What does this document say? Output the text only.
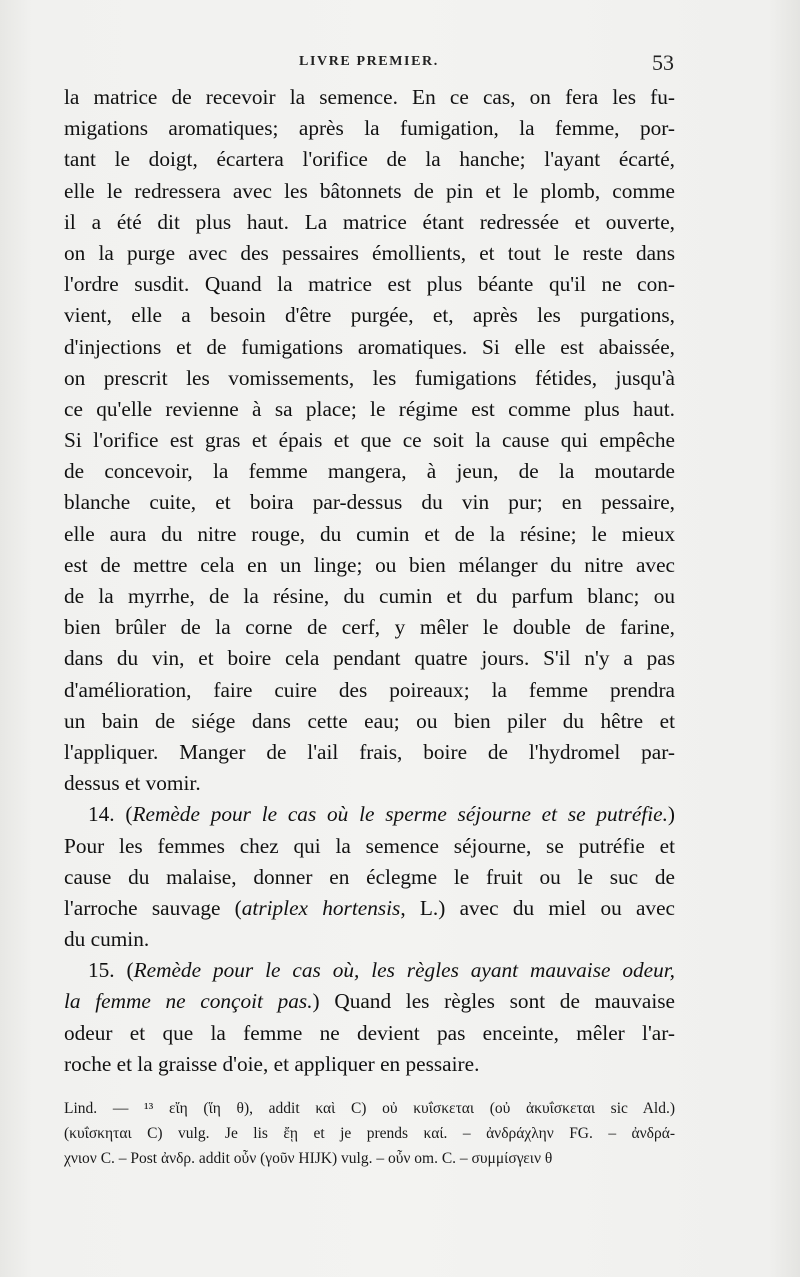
LIVRE PREMIER.	53
la matrice de recevoir la semence. En ce cas, on fera les fu-
migations aromatiques; après la fumigation, la femme, por-
tant le doigt, écartera l'orifice de la hanche; l'ayant écarté,
elle le redressera avec les bâtonnets de pin et le plomb, comme
il a été dit plus haut. La matrice étant redressée et ouverte,
on la purge avec des pessaires émollients, et tout le reste dans
l'ordre susdit. Quand la matrice est plus béante qu'il ne con-
vient, elle a besoin d'être purgée, et, après les purgations,
d'injections et de fumigations aromatiques. Si elle est abaissée,
on prescrit les vomissements, les fumigations fétides, jusqu'à
ce qu'elle revienne à sa place; le régime est comme plus haut.
Si l'orifice est gras et épais et que ce soit la cause qui empêche
de concevoir, la femme mangera, à jeun, de la moutarde
blanche cuite, et boira par-dessus du vin pur; en pessaire,
elle aura du nitre rouge, du cumin et de la résine; le mieux
est de mettre cela en un linge; ou bien mélanger du nitre avec
de la myrrhe, de la résine, du cumin et du parfum blanc; ou
bien brûler de la corne de cerf, y mêler le double de farine,
dans du vin, et boire cela pendant quatre jours. S'il n'y a pas
d'amélioration, faire cuire des poireaux; la femme prendra
un bain de siége dans cette eau; ou bien piler du hêtre et
l'appliquer. Manger de l'ail frais, boire de l'hydromel par-
dessus et vomir.
14. (Remède pour le cas où le sperme séjourne et se putréfie.)
Pour les femmes chez qui la semence séjourne, se putréfie et
cause du malaise, donner en éclegme le fruit ou le suc de
l'arroche sauvage (atriplex hortensis, L.) avec du miel ou avec
du cumin.
15. (Remède pour le cas où, les règles ayant mauvaise odeur,
la femme ne conçoit pas.) Quand les règles sont de mauvaise
odeur et que la femme ne devient pas enceinte, mêler l'ar-
roche et la graisse d'oie, et appliquer en pessaire.
Lind. — ¹³ εἴη (ἵη θ), addit καὶ C) οὐ κυΐσκεται (οὐ ἀκυΐσκεται sic Ald.)
(κυΐσκηται C) vulg. Je lis ἔῃ et je prends καί. – ἀνδράχλην FG. – ἀνδρά-
χνιον C. – Post ἀνδρ. addit οὖν (γοῦν HIJK) vulg. – οὖν om. C. – συμμίσγειν θ
